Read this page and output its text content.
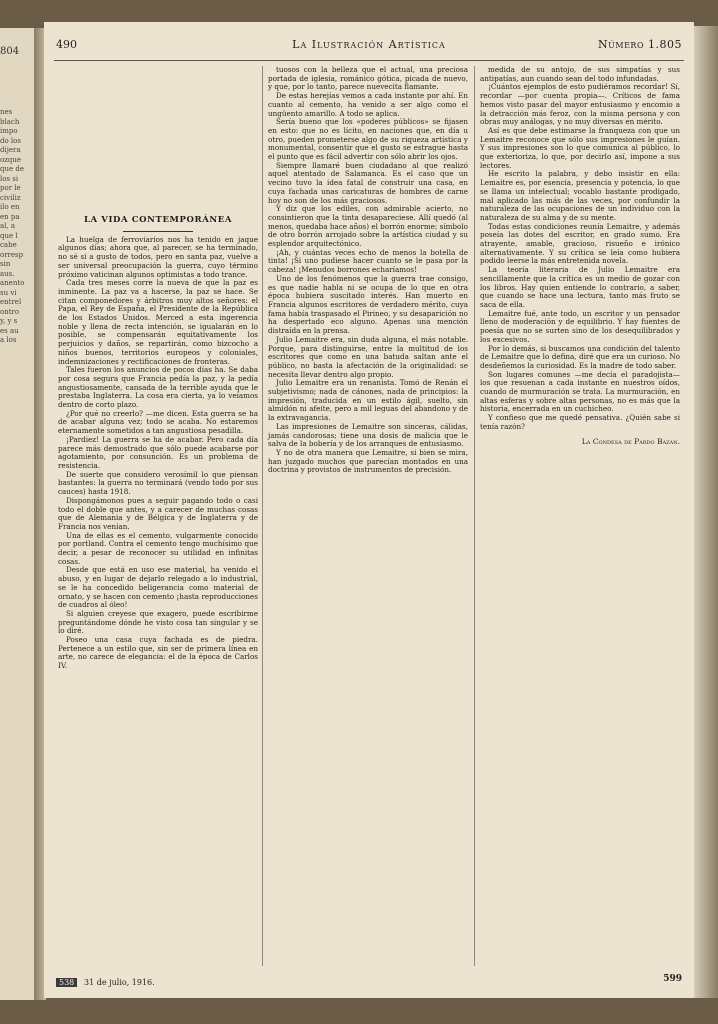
804
nes
blach
impo
do los
dijera
ozque
que de
los si
por le
civiliz
ilo en
en pa
al, a
que l
cabe
orresp
sin
aus.
anento
su vi
entrel
ontro
y, y s
es au
a los
490	La Ilustración Artística	Número 1.805
LA VIDA CONTEMPORÁNEA

La huelga de ferroviarios nos ha tenido en jaque algunos días; ahora que, al parecer, se ha terminado, no sé si a gusto de todos, pero en santa paz, vuelve a ser universal preocupación la guerra, cuyo término próximo vaticinan algunos optimistas a todo trance.

Cada tres meses corre la nueva de que la paz es inminente. La paz va a hacerse, la paz se hace. Se citan componedores y árbitros muy altos señores: el Papa, el Rey de España, el Presidente de la República de los Estados Unidos. Merced a esta ingerencia noble y llena de recta intención, se igualarán en lo posible, se compensarán equitativamente los perjuicios y daños, se repartirán, como bizcocho a niños buenos, territorios europeos y coloniales, indemnizaciones y rectificaciones de fronteras.

Tales fueron los anuncios de pocos días ha. Se daba por cosa segura que Francia pedía la paz, y la pedía angustiosamente, cansada de la terrible ayuda que le prestaba Inglaterra. La cosa era cierta, ya lo veíamos dentro de corto plazo.

¿Por qué no creerlo? —me dicen. Esta guerra se ha de acabar alguna vez; todo se acaba. No estaremos eternamente sometidos a tan angustiosa pesadilla.

¡Pardiez! La guerra se ha de acabar. Pero cada día parece más demostrado que sólo puede acabarse por agotamiento, por consunción. Es un problema de resistencia.

De suerte que considero verosímil lo que piensan bastantes: la guerra no terminará (vendo todo por sus cauces) hasta 1918.

Dispongámonos pues a seguir pagando todo o casi todo el doble que antes, y a carecer de muchas cosas que de Alemania y de Bélgica y de Inglaterra y de Francia nos venían.

Una de ellas es el cemento, vulgarmente conocido por portland. Contra el cemento tengo muchísimo que decir, a pesar de reconocer su utilidad en infinitas cosas.

Desde que está en uso ese material, ha venido el abuso, y en lugar de dejarlo relegado a lo industrial, se le ha concedido beligerancia como material de ornato, y se hacen con cemento ¡hasta reproducciones de cuadros al óleo!

Si alguien creyese que exagero, puede escribirme preguntándome dónde he visto cosa tan singular y se lo diré.

Poseo una casa cuya fachada es de piedra. Pertenece a un estilo que, sin ser de primera línea en arte, no carece de elegancia: el de la época de Carlos IV.

tuosos con la belleza que el actual, una preciosa portada de iglesia, románico gótica, picada de nuevo, y que, por lo tanto, parece nuevecita flamante.

De estas herejías vemos a cada instante por ahí. En cuanto al cemento, ha venido a ser algo como el ungüento amarillo. A todo se aplica.

Sería bueno que los «poderes públicos» se fijasen en esto: que no es lícito, en naciones que, en día u otro, pueden prometerse algo de su riqueza artística y monumental, consentir que el gusto se estrague hasta el punto que es fácil advertir con sólo abrir los ojos.

Siempre llamaré buen ciudadano al que realizó aquel atentado de Salamanca. Es el caso que un vecino tuvo la idea fatal de construir una casa, en cuya fachada unas caricaturas de hombres de carne hoy no son de los más graciosos.

Y diz que los ediles, con admirable acierto, no consintieron que la tinta desapareciese. Allí quedó (al menos, quedaba hace años) el borrón enorme; símbolo de otro borrón arrojado sobre la artística ciudad y su esplendor arquitectónico.

¡Ah, y cuántas veces echo de menos la botella de tinta! ¡Si uno pudiese hacer cuanto se le pasa por la cabeza! ¡Menudos borrones echaríamos!

Uno de los fenómenos que la guerra trae consigo, es que nadie habla ni se ocupa de lo que en otra época hubiera suscitado interés. Han muerto en Francia algunos escritores de verdadero mérito, cuya fama había traspasado el Pirineo, y su desaparición no ha despertado eco alguno. Apenas una mención distraída en la prensa.

Julio Lemaitre era, sin duda alguna, el más notable. Porque, para distinguirse, entre la multitud de los escritores que como en una batuda saltan ante el público, no basta la afectación de la originalidad: se necesita llevar dentro algo propio.

Julio Lemaitre era un renanista. Tomó de Renán el subjetivismo; nada de cánones, nada de principios: la impresión, traducida en un estilo ágil, suelto, sin almidón ni afeite, pero a mil leguas del abandono y de la extravagancia.

Las impresiones de Lemaitre son sinceras, cálidas, jamás candorosas; tiene una dosis de malicia que le salva de la bobería y de los arranques de entusiasmo.

Y no de otra manera que Lemaitre, si bien se mira, han juzgado muchos que parecían montados en una doctrina y provistos de instrumentos de precisión.

medida de su antojo, de sus simpatías y sus antipatías, aun cuando sean del todo infundadas.

¡Cuántos ejemplos de esto pudiéramos recordar! Sí, recordar —por cuenta propia—. Críticos de fama hemos visto pasar del mayor entusiasmo y encomio a la detracción más feroz, con la misma persona y con obras muy análogas, y no muy diversas en mérito.

Así es que debe estimarse la franqueza con que un Lemaitre reconoce que sólo sus impresiones le guían. Y sus impresiones son lo que comunica al público, lo que exterioriza, lo que, por decirlo así, impone a sus lectores.

He escrito la palabra, y debo insistir en ella: Lemaitre es, por esencia, presencia y potencia, lo que se llama un intelectual; vocablo bastante prodigado, mal aplicado las más de las veces, por confundir la naturaleza de las ocupaciones de un individuo con la naturaleza de su alma y de su mente.

Todas estas condiciones reunía Lemaitre, y además poseía las dotes del escritor, en grado sumo. Era atrayente, amable, gracioso, risueño e irónico alternativamente. Y su crítica se leía como hubiera podido leerse la más entretenida novela.

La teoría literaria de Julio Lemaitre era sencillamente que la crítica es un medio de gozar con los libros. Hay quien entiende lo contrario, a saber, que cuando se hace una lectura, tanto más fruto se saca de ella.

Lemaitre fué, ante todo, un escritor y un pensador lleno de moderación y de equilibrio. Y hay fuentes de poesía que no se surten sino de los desequilibrados y los excesivos.

Por lo demás, si buscamos una condición del talento de Lemaitre que lo defina, diré que era un curioso. No desdeñemos la curiosidad. Es la madre de todo saber.

Son lugares comunes —me decía el paradojista— los que resuenan a cada instante en nuestros oídos, cuando de murmuración se trata. La murmuración, en altas esferas y sobre altas personas, no es más que la historia, encerrada en un cuchicheo.

Y confieso que me quedé pensativa. ¿Quién sabe si tenía razón?

La Condesa de Pardo Bazán.
538	31 de julio, 1916.	599
